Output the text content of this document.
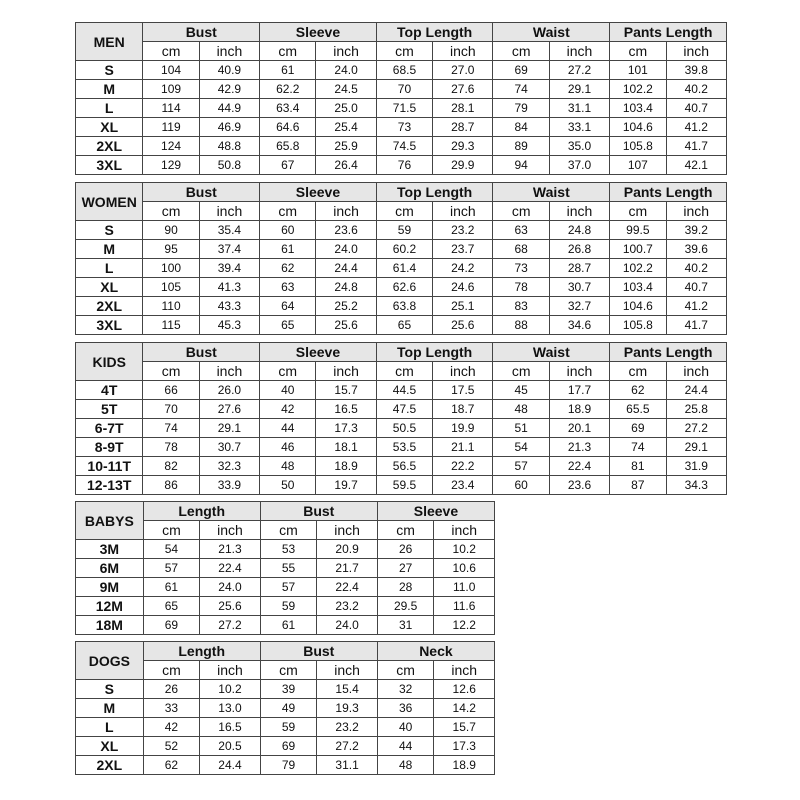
MEN	Bust		Sleeve		Top Length		Waist		Pants Length	
	cm	inch	cm	inch	cm	inch	cm	inch	cm	inch
S	104	40.9	61	24.0	68.5	27.0	69	27.2	101	39.8
M	109	42.9	62.2	24.5	70	27.6	74	29.1	102.2	40.2
L	114	44.9	63.4	25.0	71.5	28.1	79	31.1	103.4	40.7
XL	119	46.9	64.6	25.4	73	28.7	84	33.1	104.6	41.2
2XL	124	48.8	65.8	25.9	74.5	29.3	89	35.0	105.8	41.7
3XL	129	50.8	67	26.4	76	29.9	94	37.0	107	42.1
WOMEN	Bust		Sleeve		Top Length		Waist		Pants Length	
	cm	inch	cm	inch	cm	inch	cm	inch	cm	inch
S	90	35.4	60	23.6	59	23.2	63	24.8	99.5	39.2
M	95	37.4	61	24.0	60.2	23.7	68	26.8	100.7	39.6
L	100	39.4	62	24.4	61.4	24.2	73	28.7	102.2	40.2
XL	105	41.3	63	24.8	62.6	24.6	78	30.7	103.4	40.7
2XL	110	43.3	64	25.2	63.8	25.1	83	32.7	104.6	41.2
3XL	115	45.3	65	25.6	65	25.6	88	34.6	105.8	41.7
KIDS	Bust		Sleeve		Top Length		Waist		Pants Length	
	cm	inch	cm	inch	cm	inch	cm	inch	cm	inch
4T	66	26.0	40	15.7	44.5	17.5	45	17.7	62	24.4
5T	70	27.6	42	16.5	47.5	18.7	48	18.9	65.5	25.8
6-7T	74	29.1	44	17.3	50.5	19.9	51	20.1	69	27.2
8-9T	78	30.7	46	18.1	53.5	21.1	54	21.3	74	29.1
10-11T	82	32.3	48	18.9	56.5	22.2	57	22.4	81	31.9
12-13T	86	33.9	50	19.7	59.5	23.4	60	23.6	87	34.3
BABYS	Length		Bust		Sleeve	
	cm	inch	cm	inch	cm	inch
3M	54	21.3	53	20.9	26	10.2
6M	57	22.4	55	21.7	27	10.6
9M	61	24.0	57	22.4	28	11.0
12M	65	25.6	59	23.2	29.5	11.6
18M	69	27.2	61	24.0	31	12.2
DOGS	Length		Bust		Neck	
	cm	inch	cm	inch	cm	inch
S	26	10.2	39	15.4	32	12.6
M	33	13.0	49	19.3	36	14.2
L	42	16.5	59	23.2	40	15.7
XL	52	20.5	69	27.2	44	17.3
2XL	62	24.4	79	31.1	48	18.9
